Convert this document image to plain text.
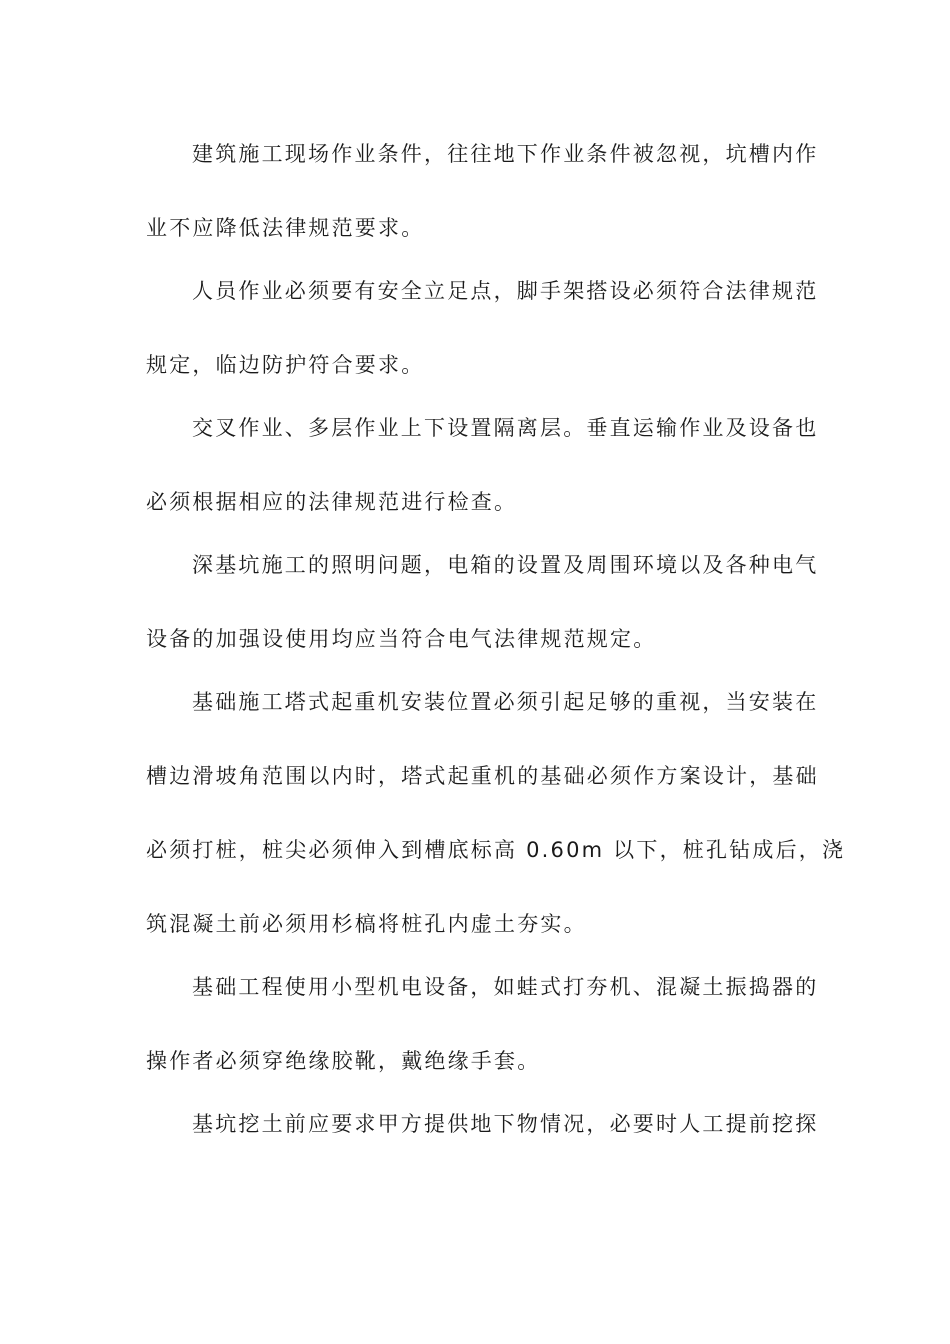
建筑施工现场作业条件，往往地下作业条件被忽视，坑槽内作
业不应降低法律规范要求。
人员作业必须要有安全立足点，脚手架搭设必须符合法律规范
规定，临边防护符合要求。
交叉作业、多层作业上下设置隔离层。垂直运输作业及设备也
必须根据相应的法律规范进行检查。
深基坑施工的照明问题，电箱的设置及周围环境以及各种电气
设备的加强设使用均应当符合电气法律规范规定。
基础施工塔式起重机安装位置必须引起足够的重视，当安装在
槽边滑坡角范围以内时，塔式起重机的基础必须作方案设计，基础
必须打桩，桩尖必须伸入到槽底标高 0.60m 以下，桩孔钻成后，浇
筑混凝土前必须用杉槁将桩孔内虚土夯实。
基础工程使用小型机电设备，如蛙式打夯机、混凝土振捣器的
操作者必须穿绝缘胶靴，戴绝缘手套。
基坑挖土前应要求甲方提供地下物情况，必要时人工提前挖探
